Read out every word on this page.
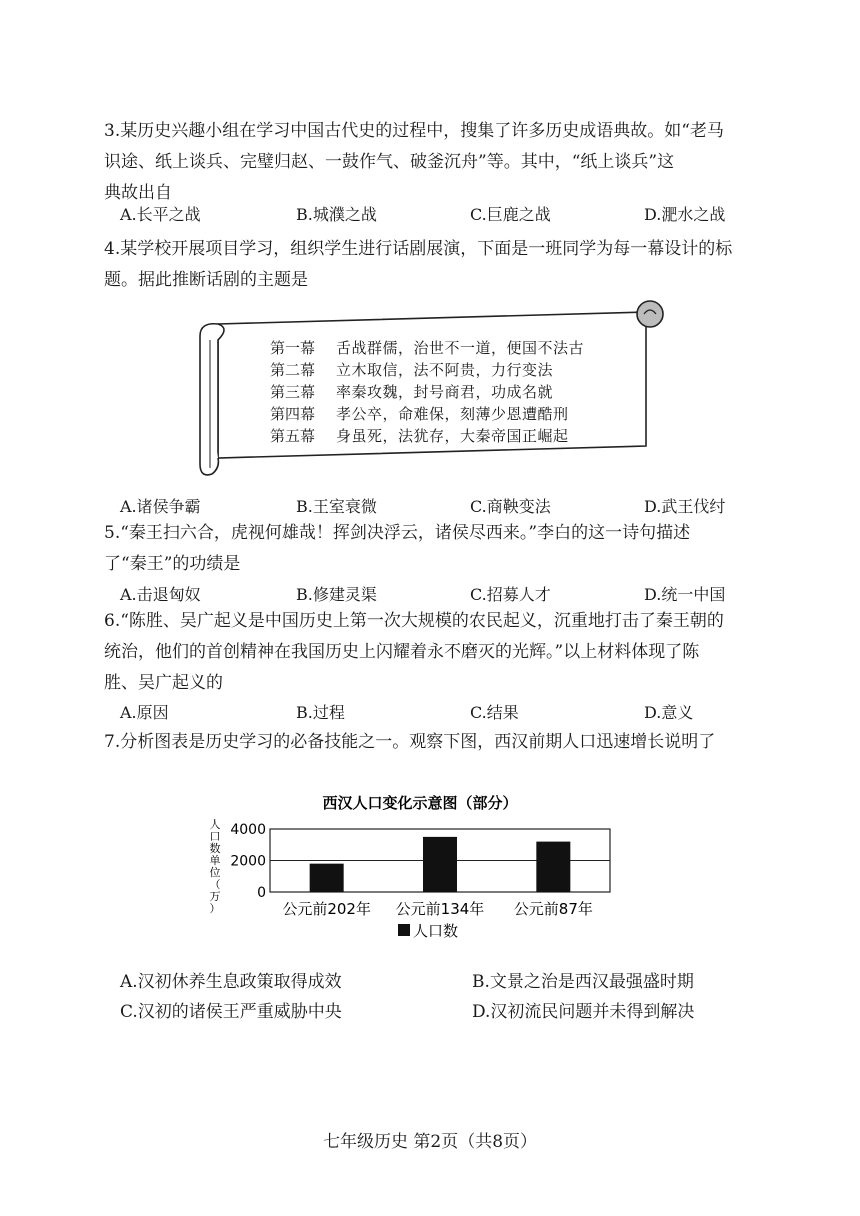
3.某历史兴趣小组在学习中国古代史的过程中，搜集了许多历史成语典故。如“老马
识途、纸上谈兵、完璧归赵、一鼓作气、破釜沉舟”等。其中，“纸上谈兵”这
典故出自
A.长平之战	B.城濮之战	C.巨鹿之战	D.淝水之战
4.某学校开展项目学习，组织学生进行话剧展演，下面是一班同学为每一幕设计的标
题。据此推断话剧的主题是
第一幕 舌战群儒，治世不一道，便国不法古
第二幕 立木取信，法不阿贵，力行变法
第三幕 率秦攻魏，封号商君，功成名就
第四幕 孝公卒，命难保，刻薄少恩遭酷刑
第五幕 身虽死，法犹存，大秦帝国正崛起
A.诸侯争霸	B.王室衰微	C.商鞅变法	D.武王伐纣
5.“秦王扫六合，虎视何雄哉！挥剑决浮云，诸侯尽西来。”李白的这一诗句描述
了“秦王”的功绩是
A.击退匈奴	B.修建灵渠	C.招募人才	D.统一中国
6.“陈胜、吴广起义是中国历史上第一次大规模的农民起义，沉重地打击了秦王朝的
统治，他们的首创精神在我国历史上闪耀着永不磨灭的光辉。”以上材料体现了陈
胜、吴广起义的
A.原因	B.过程	C.结果	D.意义
7.分析图表是历史学习的必备技能之一。观察下图，西汉前期人口迅速增长说明了
西汉人口变化示意图（部分）
人
口
数
单
位
（
万
）
4000
2000
0
公元前202年 公元前134年 公元前87年
人口数
A.汉初休养生息政策取得成效	B.文景之治是西汉最强盛时期
C.汉初的诸侯王严重威胁中央	D.汉初流民问题并未得到解决
七年级历史 第2页（共8页）
